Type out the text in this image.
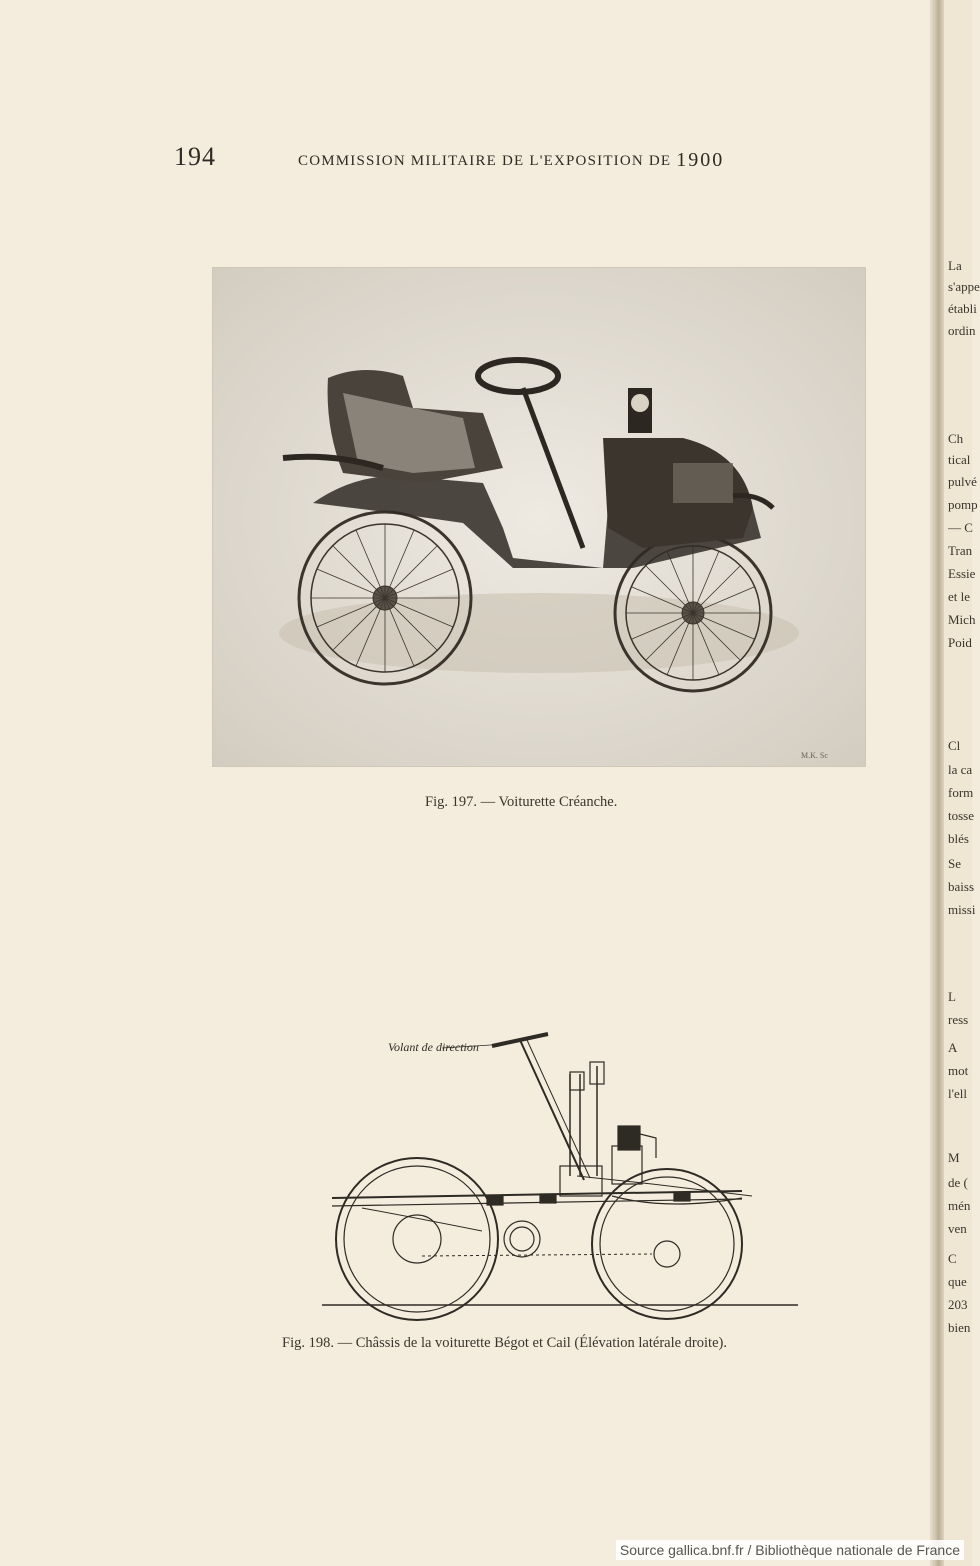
194	COMMISSION MILITAIRE DE L'EXPOSITION DE 1900
M.K. Sc
Fig. 197. — Voiturette Créanche.
Volant de direction
Fig. 198. — Châssis de la voiturette Bégot et Cail (Élévation latérale droite).
La
s'appe
établi
ordin
Ch
tical
pulvé
pomp
— C
Tran
Essie
et le
Mich
Poid
Cl
la ca
form
tosse
blés
Se
baiss
missi
L
ress
A
mot
l'ell
M
de (
mén
ven
C
que
203
bien
Source gallica.bnf.fr / Bibliothèque nationale de France
